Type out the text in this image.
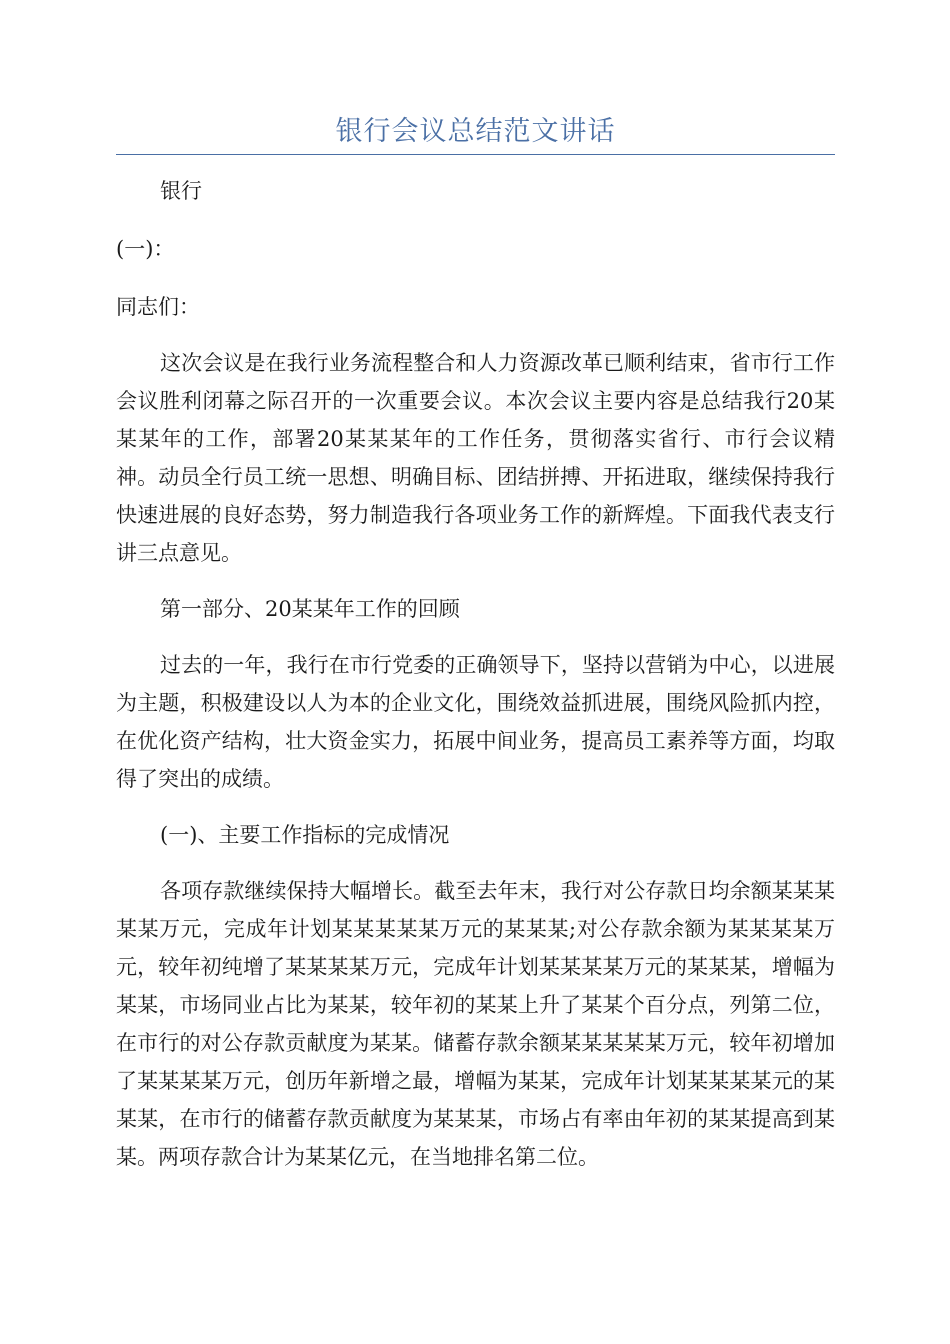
银行会议总结范文讲话

银行

(一)：

同志们：

这次会议是在我行业务流程整合和人力资源改革已顺利结束，省市行工作会议胜利闭幕之际召开的一次重要会议。本次会议主要内容是总结我行20某某某年的工作，部署20某某某年的工作任务，贯彻落实省行、市行会议精神。动员全行员工统一思想、明确目标、团结拼搏、开拓进取，继续保持我行快速进展的良好态势，努力制造我行各项业务工作的新辉煌。下面我代表支行讲三点意见。

第一部分、20某某年工作的回顾

过去的一年，我行在市行党委的正确领导下，坚持以营销为中心，以进展为主题，积极建设以人为本的企业文化，围绕效益抓进展，围绕风险抓内控，在优化资产结构，壮大资金实力，拓展中间业务，提高员工素养等方面，均取得了突出的成绩。

(一)、主要工作指标的完成情况

各项存款继续保持大幅增长。截至去年末，我行对公存款日均余额某某某某某万元，完成年计划某某某某某万元的某某某;对公存款余额为某某某某万元，较年初纯增了某某某某万元，完成年计划某某某某万元的某某某，增幅为某某，市场同业占比为某某，较年初的某某上升了某某个百分点，列第二位，在市行的对公存款贡献度为某某。储蓄存款余额某某某某某万元，较年初增加了某某某某万元，创历年新增之最，增幅为某某，完成年计划某某某某元的某某某，在市行的储蓄存款贡献度为某某某，市场占有率由年初的某某提高到某某。两项存款合计为某某亿元，在当地排名第二位。
